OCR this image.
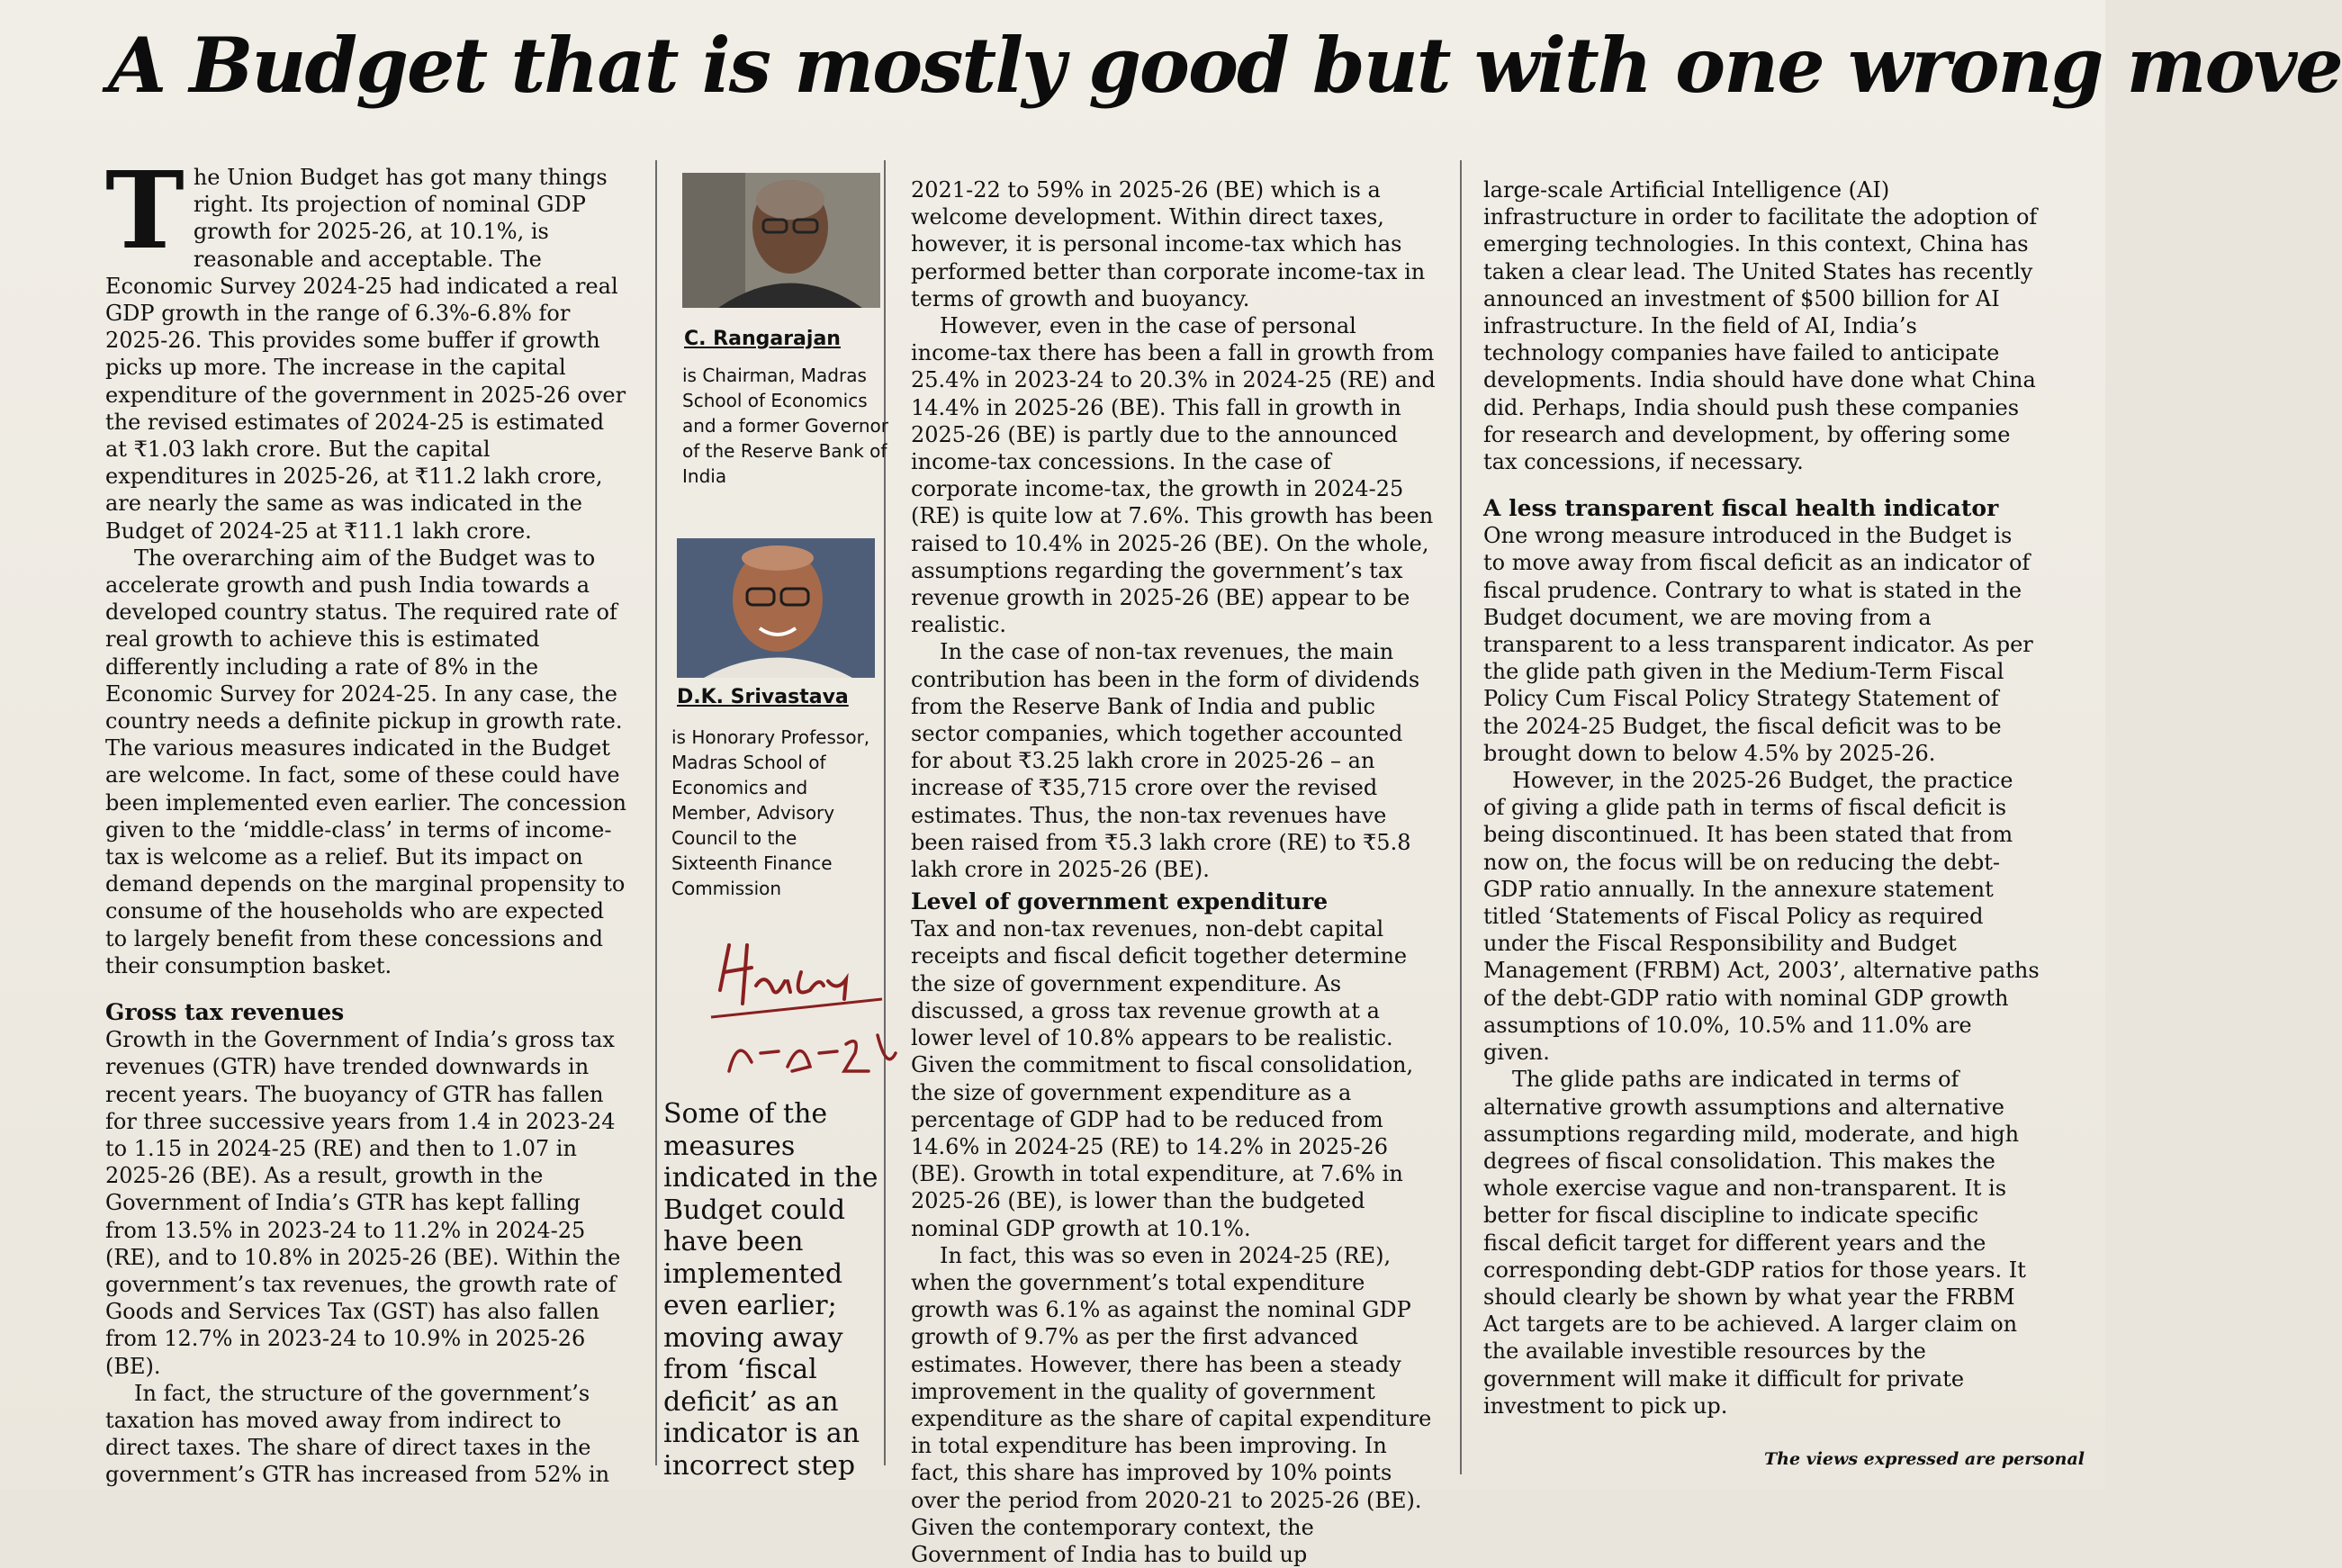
A Budget that is mostly good but with one wrong move

The Union Budget has got many things right. Its projection of nominal GDP growth for 2025-26, at 10.1%, is reasonable and acceptable. The Economic Survey 2024-25 had indicated a real GDP growth in the range of 6.3%-6.8% for 2025-26. This provides some buffer if growth picks up more. The increase in the capital expenditure of the government in 2025-26 over the revised estimates of 2024-25 is estimated at ₹1.03 lakh crore. But the capital expenditures in 2025-26, at ₹11.2 lakh crore, are nearly the same as was indicated in the Budget of 2024-25 at ₹11.1 lakh crore.

The overarching aim of the Budget was to accelerate growth and push India towards a developed country status. The required rate of real growth to achieve this is estimated differently including a rate of 8% in the Economic Survey for 2024-25. In any case, the country needs a definite pickup in growth rate. The various measures indicated in the Budget are welcome. In fact, some of these could have been implemented even earlier. The concession given to the ‘middle-class’ in terms of income-tax is welcome as a relief. But its impact on demand depends on the marginal propensity to consume of the households who are expected to largely benefit from these concessions and their consumption basket.

Gross tax revenues

Growth in the Government of India’s gross tax revenues (GTR) have trended downwards in recent years. The buoyancy of GTR has fallen for three successive years from 1.4 in 2023-24 to 1.15 in 2024-25 (RE) and then to 1.07 in 2025-26 (BE). As a result, growth in the Government of India’s GTR has kept falling from 13.5% in 2023-24 to 11.2% in 2024-25 (RE), and to 10.8% in 2025-26 (BE). Within the government’s tax revenues, the growth rate of Goods and Services Tax (GST) has also fallen from 12.7% in 2023-24 to 10.9% in 2025-26 (BE).

In fact, the structure of the government’s taxation has moved away from indirect to direct taxes. The share of direct taxes in the government’s GTR has increased from 52% in

C. Rangarajan
is Chairman, Madras School of Economics and a former Governor of the Reserve Bank of India
D.K. Srivastava
is Honorary Professor, Madras School of Economics and Member, Advisory Council to the Sixteenth Finance Commission
Some of the measures indicated in the Budget could have been implemented even earlier; moving away from ‘fiscal deficit’ as an indicator is an incorrect step

2021-22 to 59% in 2025-26 (BE) which is a welcome development. Within direct taxes, however, it is personal income-tax which has performed better than corporate income-tax in terms of growth and buoyancy.

However, even in the case of personal income-tax there has been a fall in growth from 25.4% in 2023-24 to 20.3% in 2024-25 (RE) and 14.4% in 2025-26 (BE). This fall in growth in 2025-26 (BE) is partly due to the announced income-tax concessions. In the case of corporate income-tax, the growth in 2024-25 (RE) is quite low at 7.6%. This growth has been raised to 10.4% in 2025-26 (BE). On the whole, assumptions regarding the government’s tax revenue growth in 2025-26 (BE) appear to be realistic.

In the case of non-tax revenues, the main contribution has been in the form of dividends from the Reserve Bank of India and public sector companies, which together accounted for about ₹3.25 lakh crore in 2025-26 – an increase of ₹35,715 crore over the revised estimates. Thus, the non-tax revenues have been raised from ₹5.3 lakh crore (RE) to ₹5.8 lakh crore in 2025-26 (BE).

Level of government expenditure

Tax and non-tax revenues, non-debt capital receipts and fiscal deficit together determine the size of government expenditure. As discussed, a gross tax revenue growth at a lower level of 10.8% appears to be realistic. Given the commitment to fiscal consolidation, the size of government expenditure as a percentage of GDP had to be reduced from 14.6% in 2024-25 (RE) to 14.2% in 2025-26 (BE). Growth in total expenditure, at 7.6% in 2025-26 (BE), is lower than the budgeted nominal GDP growth at 10.1%.

In fact, this was so even in 2024-25 (RE), when the government’s total expenditure growth was 6.1% as against the nominal GDP growth of 9.7% as per the first advanced estimates. However, there has been a steady improvement in the quality of government expenditure as the share of capital expenditure in total expenditure has been improving. In fact, this share has improved by 10% points over the period from 2020-21 to 2025-26 (BE). Given the contemporary context, the Government of India has to build up

large-scale Artificial Intelligence (AI) infrastructure in order to facilitate the adoption of emerging technologies. In this context, China has taken a clear lead. The United States has recently announced an investment of $500 billion for AI infrastructure. In the field of AI, India’s technology companies have failed to anticipate developments. India should have done what China did. Perhaps, India should push these companies for research and development, by offering some tax concessions, if necessary.

A less transparent fiscal health indicator

One wrong measure introduced in the Budget is to move away from fiscal deficit as an indicator of fiscal prudence. Contrary to what is stated in the Budget document, we are moving from a transparent to a less transparent indicator. As per the glide path given in the Medium-Term Fiscal Policy Cum Fiscal Policy Strategy Statement of the 2024-25 Budget, the fiscal deficit was to be brought down to below 4.5% by 2025-26.

However, in the 2025-26 Budget, the practice of giving a glide path in terms of fiscal deficit is being discontinued. It has been stated that from now on, the focus will be on reducing the debt-GDP ratio annually. In the annexure statement titled ‘Statements of Fiscal Policy as required under the Fiscal Responsibility and Budget Management (FRBM) Act, 2003’, alternative paths of the debt-GDP ratio with nominal GDP growth assumptions of 10.0%, 10.5% and 11.0% are given.

The glide paths are indicated in terms of alternative growth assumptions and alternative assumptions regarding mild, moderate, and high degrees of fiscal consolidation. This makes the whole exercise vague and non-transparent. It is better for fiscal discipline to indicate specific fiscal deficit target for different years and the corresponding debt-GDP ratios for those years. It should clearly be shown by what year the FRBM Act targets are to be achieved. A larger claim on the available investible resources by the government will make it difficult for private investment to pick up.

The views expressed are personal
